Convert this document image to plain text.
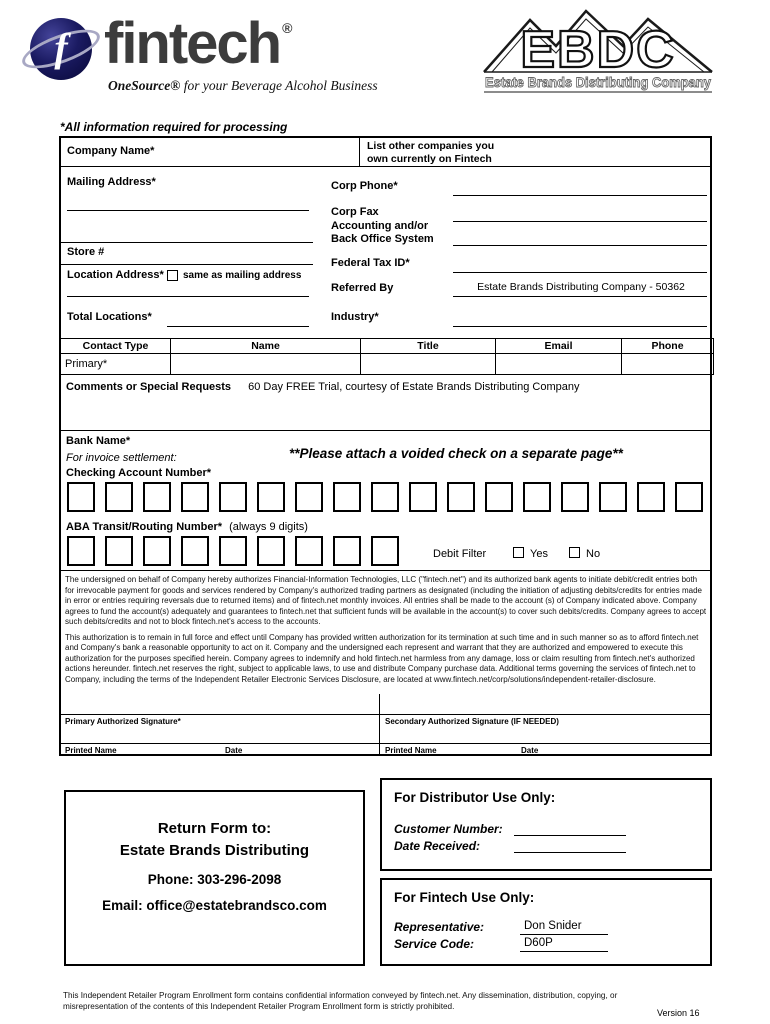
f fintech ®
OneSource® for your Beverage Alcohol Business
EBDC
Estate Brands Distributing Company
*All information required for processing
Company Name*	List other companies you
own currently on Fintech
Mailing Address*
Store #
Location Address* same as mailing address
Total Locations*
Corp Phone*
Corp Fax
Accounting and/or
Back Office System
Federal Tax ID*
Referred By	Estate Brands Distributing Company - 50362
Industry*
Contact Type	Name	Title	Email	Phone
Primary*				
Comments or Special Requests 60 Day FREE Trial, courtesy of Estate Brands Distributing Company
Bank Name*
For invoice settlement:	**Please attach a voided check on a separate page**
Checking Account Number*
ABA Transit/Routing Number* (always 9 digits)
Debit Filter	Yes	No

The undersigned on behalf of Company hereby authorizes Financial-Information Technologies, LLC ("fintech.net") and its authorized bank agents to initiate debit/credit entries both for irrevocable payment for goods and services rendered by Company's authorized trading partners as designated (including the initiation of adjusting debits/credits for entries made in error or entries requiring reversals due to returned items) and of fintech.net monthly invoices. All entries shall be made to the account (s) of Company indicated above. Company agrees to fund the account(s) adequately and guarantees to fintech.net that sufficient funds will be available in the account(s) to cover such debits/credits. Company agrees to accept such debits/credits and not to block fintech.net's access to the accounts.

This authorization is to remain in full force and effect until Company has provided written authorization for its termination at such time and in such manner so as to afford fintech.net and Company's bank a reasonable opportunity to act on it. Company and the undersigned each represent and warrant that they are authorized and empowered to execute this authorization for the purposes specified herein. Company agrees to indemnify and hold fintech.net harmless from any damage, loss or claim resulting from fintech.net's authorized actions hereunder. fintech.net reserves the right, subject to applicable laws, to use and distribute Company purchase data. Additional terms governing the services of fintech.net to Company, including the terms of the Independent Retailer Electronic Services Disclosure, are located at www.fintech.net/corp/solutions/independent-retailer-disclosure.

Primary Authorized Signature*	Secondary Authorized Signature (IF NEEDED)
Printed Name	Date	Printed Name	Date
Return Form to:
Estate Brands Distributing
Phone: 303-296-2098
Email: office@estatebrandsco.com
For Distributor Use Only:
Customer Number:
Date Received:
For Fintech Use Only:
Representative:	Don Snider
Service Code:	D60P
This Independent Retailer Program Enrollment form contains confidential information conveyed by fintech.net. Any dissemination, distribution, copying, or misrepresentation of the contents of this Independent Retailer Program Enrollment form is strictly prohibited.
Version 16
